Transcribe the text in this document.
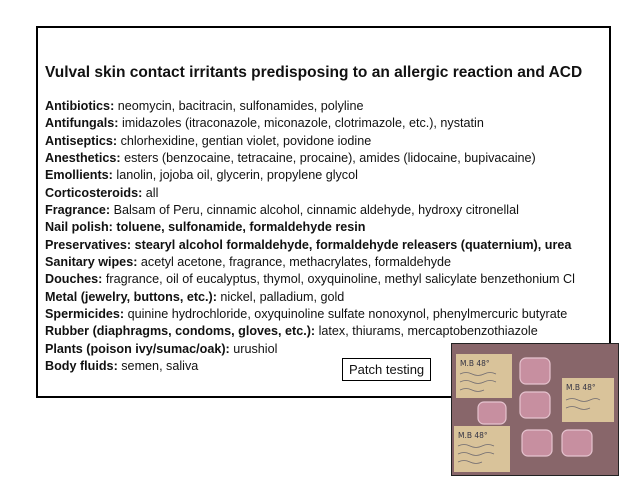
Vulval skin contact irritants predisposing to an allergic reaction and ACD
Antibiotics: neomycin, bacitracin, sulfonamides, polyline
Antifungals: imidazoles (itraconazole, miconazole, clotrimazole, etc.), nystatin
Antiseptics: chlorhexidine, gentian violet, povidone iodine
Anesthetics: esters (benzocaine, tetracaine, procaine), amides (lidocaine, bupivacaine)
Emollients: lanolin, jojoba oil, glycerin, propylene glycol
Corticosteroids: all
Fragrance: Balsam of Peru, cinnamic alcohol, cinnamic aldehyde, hydroxy citronellal
Nail polish: toluene, sulfonamide, formaldehyde resin
Preservatives: stearyl alcohol formaldehyde, formaldehyde releasers (quaternium), urea
Sanitary wipes: acetyl acetone, fragrance, methacrylates, formaldehyde
Douches: fragrance, oil of eucalyptus, thymol, oxyquinoline, methyl salicylate benzethonium Cl
Metal (jewelry, buttons, etc.): nickel, palladium, gold
Spermicides: quinine hydrochloride, oxyquinoline sulfate nonoxynol, phenylmercuric butyrate
Rubber (diaphragms, condoms, gloves, etc.): latex, thiurams, mercaptobenzothiazole
Plants (poison ivy/sumac/oak): urushiol
Body fluids: semen, saliva	Patch testing	M.B 48°
M.B 48°
M.B 48°
